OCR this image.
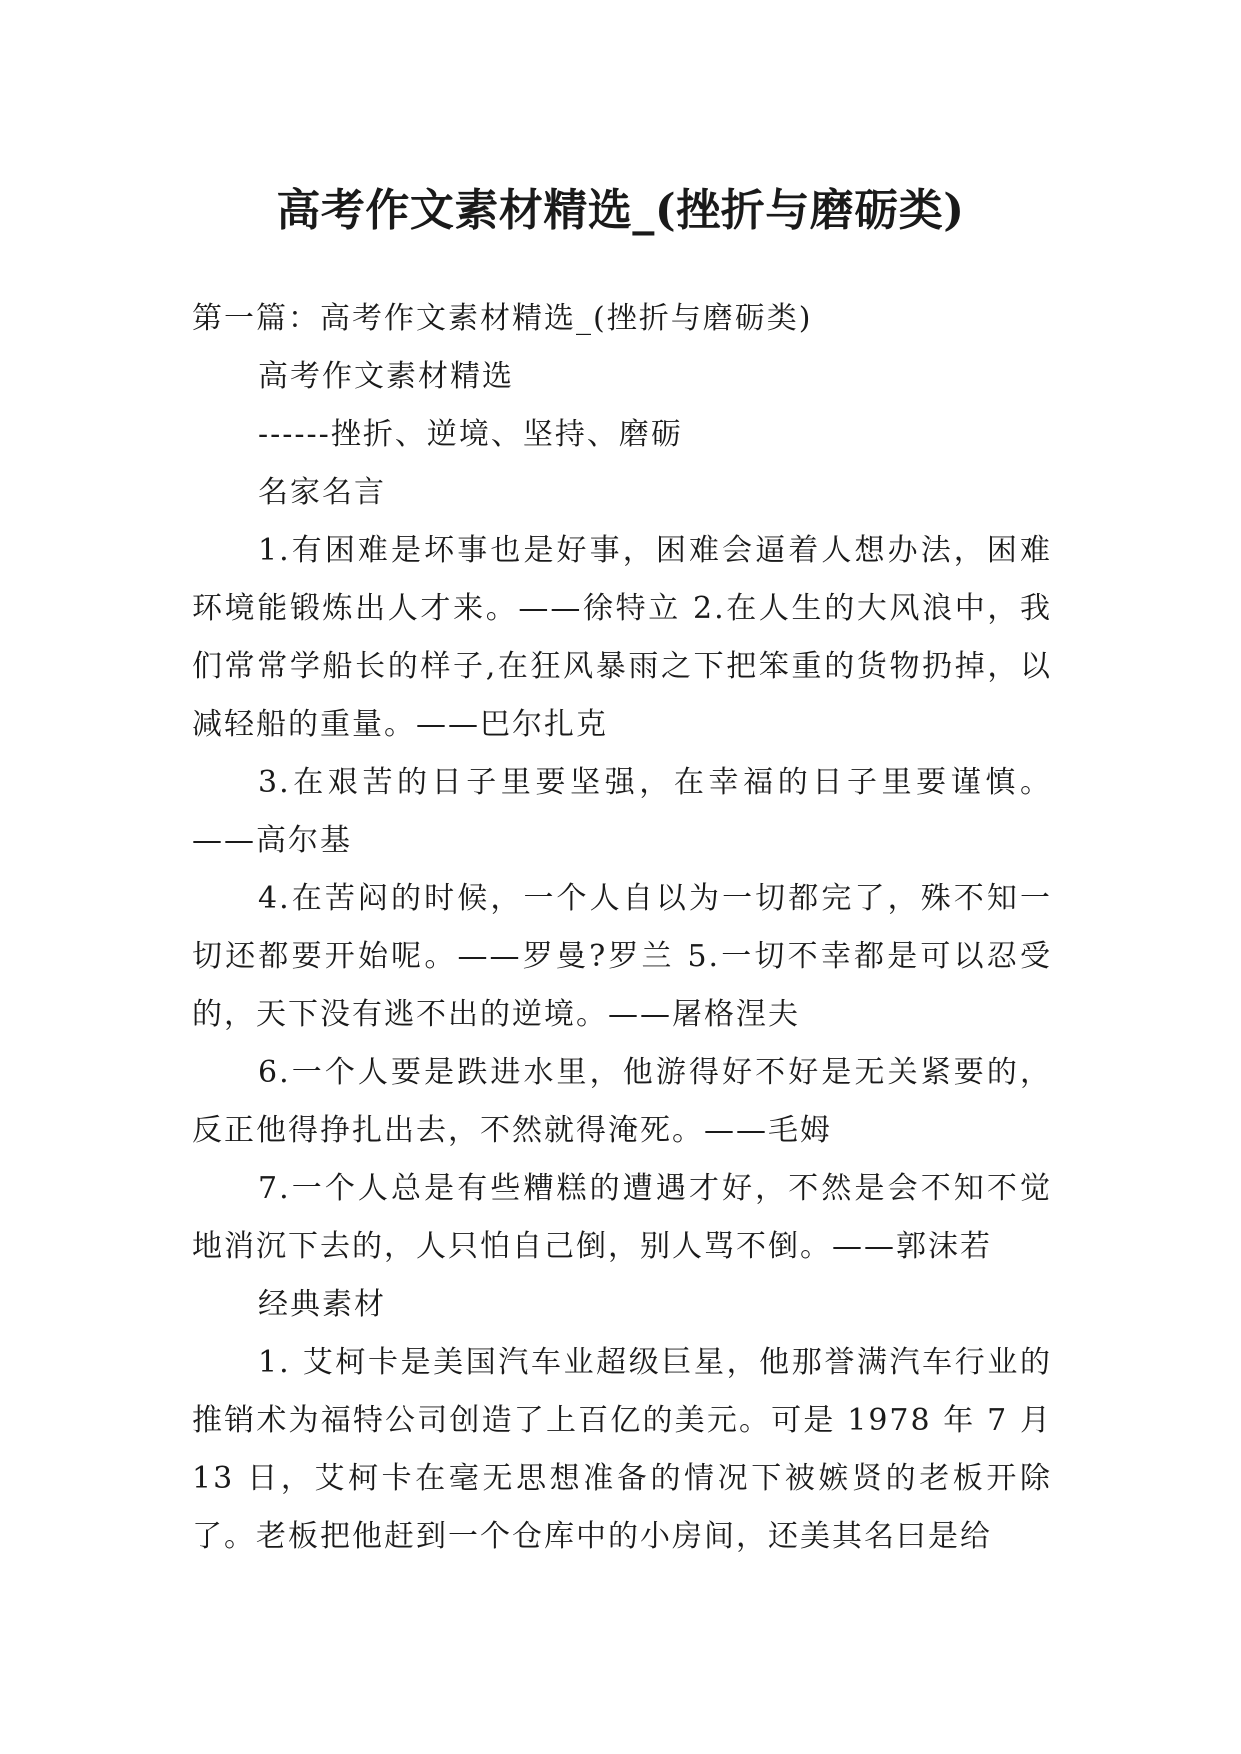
高考作文素材精选_(挫折与磨砺类)

第一篇：高考作文素材精选_(挫折与磨砺类)

高考作文素材精选

------挫折、逆境、坚持、磨砺

名家名言

1.有困难是坏事也是好事，困难会逼着人想办法，困难环境能锻炼出人才来。——徐特立 2.在人生的大风浪中，我们常常学船长的样子,在狂风暴雨之下把笨重的货物扔掉，以减轻船的重量。——巴尔扎克

3.在艰苦的日子里要坚强，在幸福的日子里要谨慎。——高尔基

4.在苦闷的时候，一个人自以为一切都完了，殊不知一切还都要开始呢。——罗曼?罗兰 5.一切不幸都是可以忍受的，天下没有逃不出的逆境。——屠格涅夫

6.一个人要是跌进水里，他游得好不好是无关紧要的，反正他得挣扎出去，不然就得淹死。——毛姆

7.一个人总是有些糟糕的遭遇才好，不然是会不知不觉地消沉下去的，人只怕自己倒，别人骂不倒。——郭沫若

经典素材

1. 艾柯卡是美国汽车业超级巨星，他那誉满汽车行业的推销术为福特公司创造了上百亿的美元。可是 1978 年 7 月 13 日，艾柯卡在毫无思想准备的情况下被嫉贤的老板开除了。老板把他赶到一个仓库中的小房间，还美其名曰是给
